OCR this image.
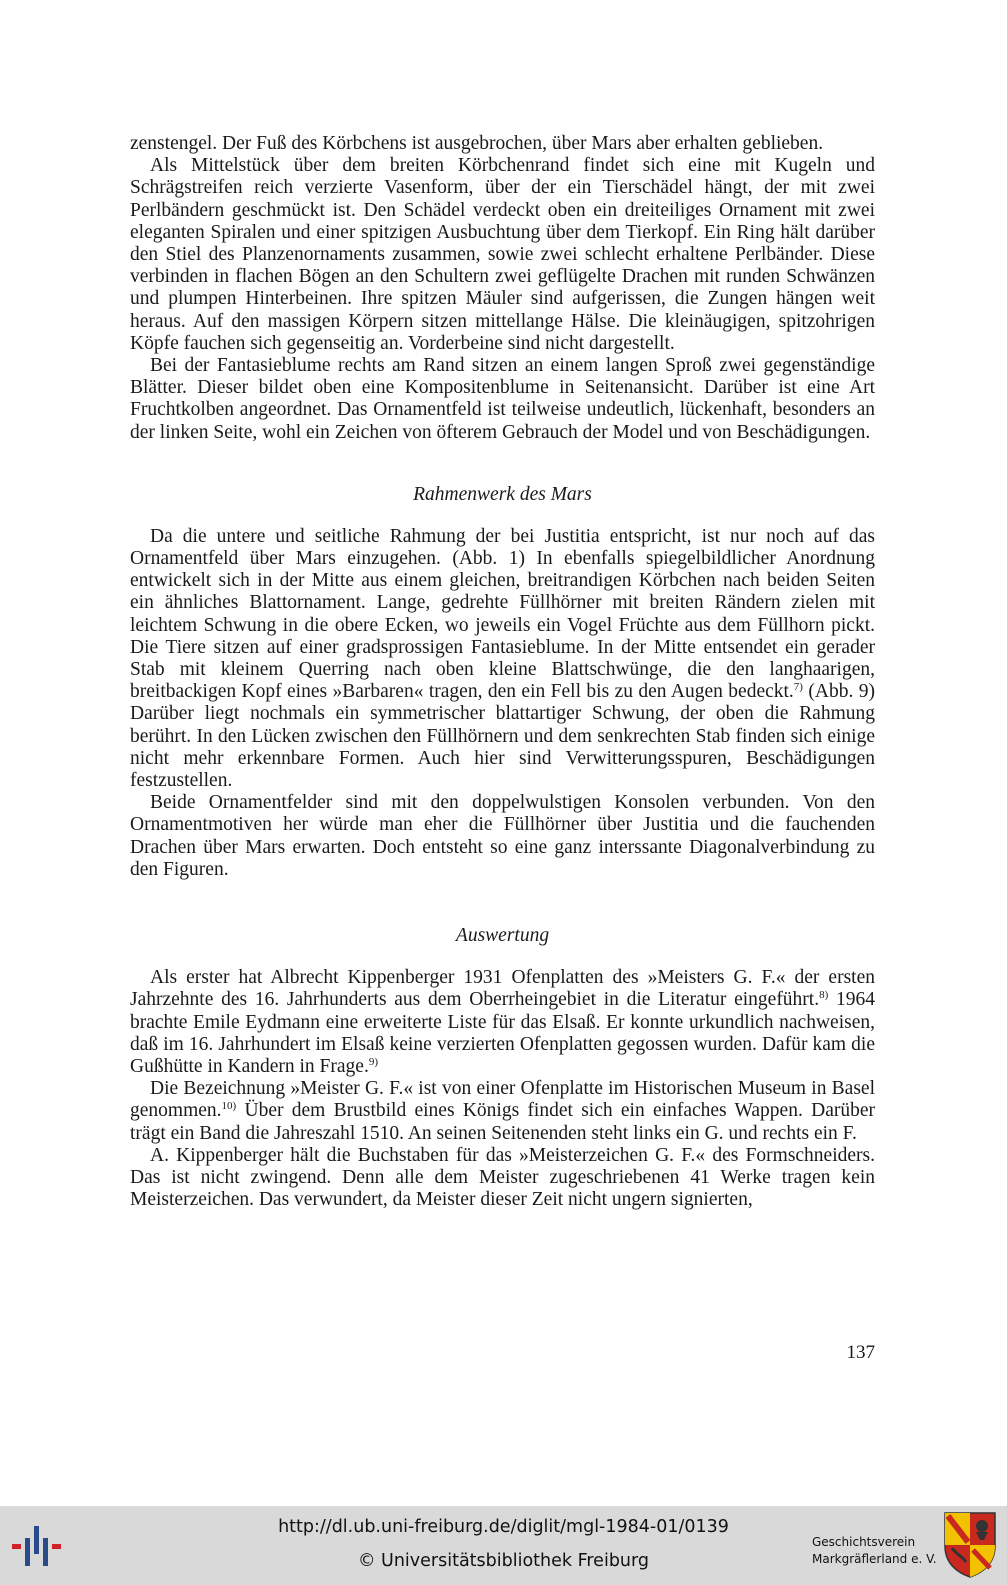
zenstengel. Der Fuß des Körbchens ist ausgebrochen, über Mars aber erhalten geblieben.

Als Mittelstück über dem breiten Körbchenrand findet sich eine mit Kugeln und Schrägstreifen reich verzierte Vasenform, über der ein Tierschädel hängt, der mit zwei Perlbändern geschmückt ist. Den Schädel verdeckt oben ein dreiteiliges Ornament mit zwei eleganten Spiralen und einer spitzigen Ausbuchtung über dem Tierkopf. Ein Ring hält darüber den Stiel des Planzenornaments zusammen, sowie zwei schlecht erhaltene Perlbänder. Diese verbinden in flachen Bögen an den Schultern zwei geflügelte Drachen mit runden Schwänzen und plumpen Hinterbeinen. Ihre spitzen Mäuler sind aufgerissen, die Zungen hängen weit heraus. Auf den massigen Körpern sitzen mittellange Hälse. Die kleinäugigen, spitzohrigen Köpfe fauchen sich gegenseitig an. Vorderbeine sind nicht dargestellt.

Bei der Fantasieblume rechts am Rand sitzen an einem langen Sproß zwei gegenständige Blätter. Dieser bildet oben eine Kompositenblume in Seitenansicht. Darüber ist eine Art Fruchtkolben angeordnet. Das Ornamentfeld ist teilweise undeutlich, lückenhaft, besonders an der linken Seite, wohl ein Zeichen von öfterem Gebrauch der Model und von Beschädigungen.

Rahmenwerk des Mars

Da die untere und seitliche Rahmung der bei Justitia entspricht, ist nur noch auf das Ornamentfeld über Mars einzugehen. (Abb. 1) In ebenfalls spiegelbildlicher Anordnung entwickelt sich in der Mitte aus einem gleichen, breitrandigen Körbchen nach beiden Seiten ein ähnliches Blattornament. Lange, gedrehte Füllhörner mit breiten Rändern zielen mit leichtem Schwung in die obere Ecken, wo jeweils ein Vogel Früchte aus dem Füllhorn pickt. Die Tiere sitzen auf einer gradsprossigen Fantasieblume. In der Mitte entsendet ein gerader Stab mit kleinem Querring nach oben kleine Blattschwünge, die den langhaarigen, breitbackigen Kopf eines »Barbaren« tragen, den ein Fell bis zu den Augen bedeckt.$^{7)}$ (Abb. 9) Darüber liegt nochmals ein symmetrischer blattartiger Schwung, der oben die Rahmung berührt. In den Lücken zwischen den Füllhörnern und dem senkrechten Stab finden sich einige nicht mehr erkennbare Formen. Auch hier sind Verwitterungsspuren, Beschädigungen festzustellen.

Beide Ornamentfelder sind mit den doppelwulstigen Konsolen verbunden. Von den Ornamentmotiven her würde man eher die Füllhörner über Justitia und die fauchenden Drachen über Mars erwarten. Doch entsteht so eine ganz interssante Diagonalverbindung zu den Figuren.

Auswertung

Als erster hat Albrecht Kippenberger 1931 Ofenplatten des »Meisters G. F.« der ersten Jahrzehnte des 16. Jahrhunderts aus dem Oberrheingebiet in die Literatur eingeführt.$^{8)}$ 1964 brachte Emile Eydmann eine erweiterte Liste für das Elsaß. Er konnte urkundlich nachweisen, daß im 16. Jahrhundert im Elsaß keine verzierten Ofenplatten gegossen wurden. Dafür kam die Gußhütte in Kandern in Frage.$^{9)}$

Die Bezeichnung »Meister G. F.« ist von einer Ofenplatte im Historischen Museum in Basel genommen.$^{10)}$ Über dem Brustbild eines Königs findet sich ein einfaches Wappen. Darüber trägt ein Band die Jahreszahl 1510. An seinen Seitenenden steht links ein G. und rechts ein F.

A. Kippenberger hält die Buchstaben für das »Meisterzeichen G. F.« des Formschneiders. Das ist nicht zwingend. Denn alle dem Meister zugeschriebenen 41 Werke tragen kein Meisterzeichen. Das verwundert, da Meister dieser Zeit nicht ungern signierten,

137
http://dl.ub.uni-freiburg.de/diglit/mgl-1984-01/0139
© Universitätsbibliothek Freiburg
Geschichtsverein
Markgräflerland e. V.
